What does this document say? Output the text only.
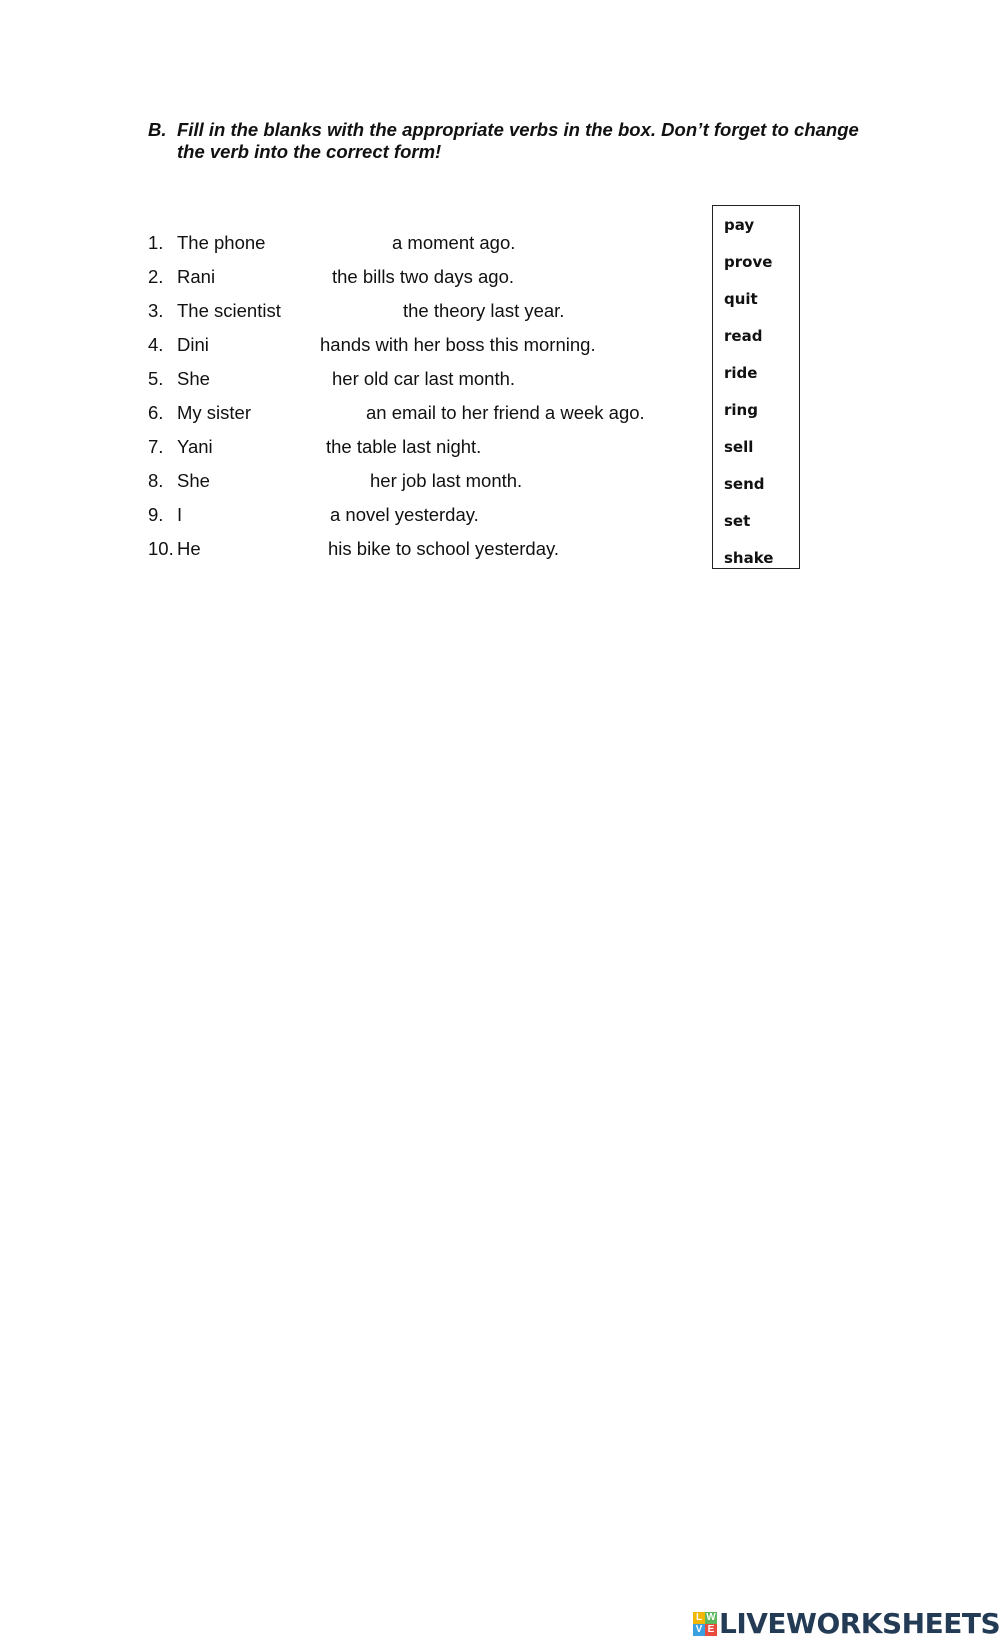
B. Fill in the blanks with the appropriate verbs in the box. Don’t forget to change the verb into the correct form!
1. The phone	a moment ago.
2. Rani	the bills two days ago.
3. The scientist	the theory last year.
4. Dini	hands with her boss this morning.
5. She	her old car last month.
6. My sister	an email to her friend a week ago.
7. Yani	the table last night.
8. She	her job last month.
9. I	a novel yesterday.
10. He	his bike to school yesterday.
pay
prove
quit
read
ride
ring
sell
send
set
shake
L W
V E LIVEWORKSHEETS
